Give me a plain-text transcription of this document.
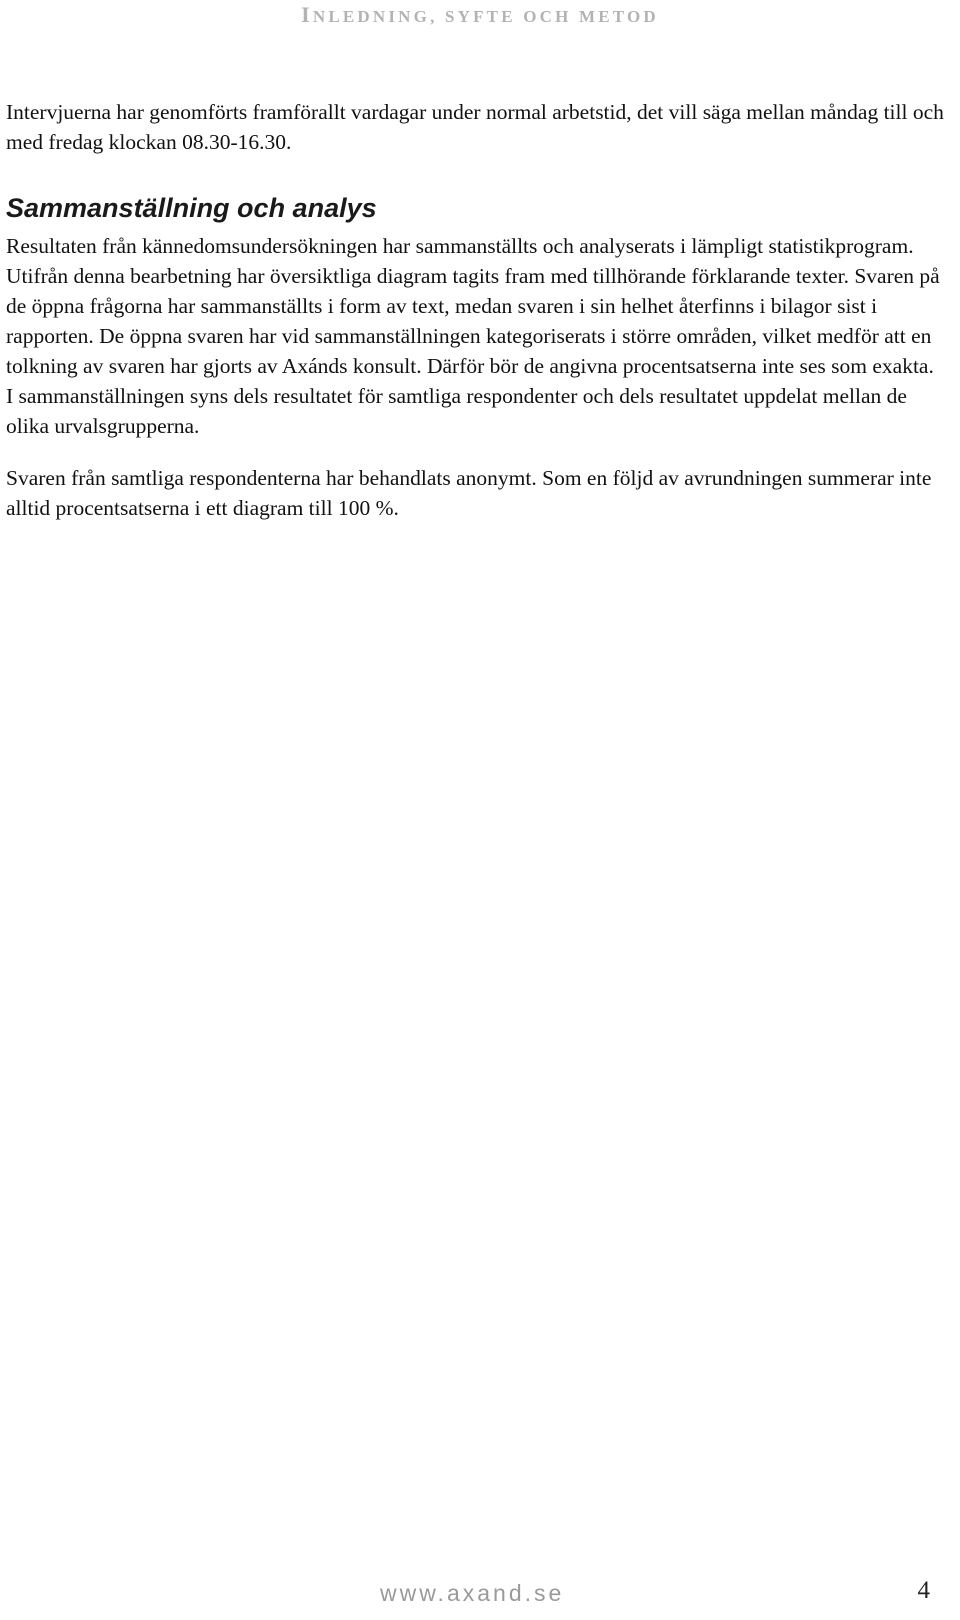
INLEDNING, SYFTE OCH METOD

Intervjuerna har genomförts framförallt vardagar under normal arbetstid, det vill säga mellan måndag till och med fredag klockan 08.30-16.30.

Sammanställning och analys

Resultaten från kännedomsundersökningen har sammanställts och analyserats i lämpligt statistikprogram. Utifrån denna bearbetning har översiktliga diagram tagits fram med tillhörande förklarande texter. Svaren på de öppna frågorna har sammanställts i form av text, medan svaren i sin helhet återfinns i bilagor sist i rapporten. De öppna svaren har vid sammanställningen kategoriserats i större områden, vilket medför att en tolkning av svaren har gjorts av Axánds konsult. Därför bör de angivna procentsatserna inte ses som exakta. I sammanställningen syns dels resultatet för samtliga respondenter och dels resultatet uppdelat mellan de olika urvalsgrupperna.

Svaren från samtliga respondenterna har behandlats anonymt. Som en följd av avrundningen summerar inte alltid procentsatserna i ett diagram till 100 %.

www.axand.se	4
